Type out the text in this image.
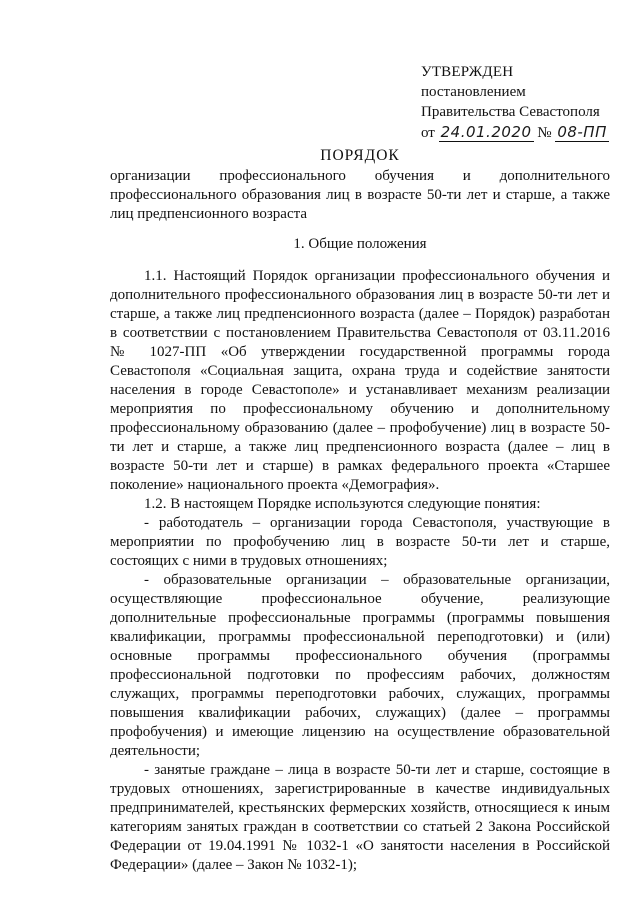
УТВЕРЖДЕН
постановлением
Правительства Севастополя
от 24.01.2020 № 08-ПП
ПОРЯДОК
организации профессионального обучения и дополнительного профессионального образования лиц в возрасте 50-ти лет и старше, а также лиц предпенсионного возраста
1. Общие положения

1.1. Настоящий Порядок организации профессионального обучения и дополнительного профессионального образования лиц в возрасте 50-ти лет и старше, а также лиц предпенсионного возраста (далее – Порядок) разработан в соответствии с постановлением Правительства Севастополя от 03.11.2016 № 1027-ПП «Об утверждении государственной программы города Севастополя «Социальная защита, охрана труда и содействие занятости населения в городе Севастополе» и устанавливает механизм реализации мероприятия по профессиональному обучению и дополнительному профессиональному образованию (далее – профобучение) лиц в возрасте 50-ти лет и старше, а также лиц предпенсионного возраста (далее – лиц в возрасте 50-ти лет и старше) в рамках федерального проекта «Старшее поколение» национального проекта «Демография».

1.2. В настоящем Порядке используются следующие понятия:

- работодатель – организации города Севастополя, участвующие в мероприятии по профобучению лиц в возрасте 50-ти лет и старше, состоящих с ними в трудовых отношениях;

- образовательные организации – образовательные организации, осуществляющие профессиональное обучение, реализующие дополнительные профессиональные программы (программы повышения квалификации, программы профессиональной переподготовки) и (или) основные программы профессионального обучения (программы профессиональной подготовки по профессиям рабочих, должностям служащих, программы переподготовки рабочих, служащих, программы повышения квалификации рабочих, служащих) (далее – программы профобучения) и имеющие лицензию на осуществление образовательной деятельности;

- занятые граждане – лица в возрасте 50-ти лет и старше, состоящие в трудовых отношениях, зарегистрированные в качестве индивидуальных предпринимателей, крестьянских фермерских хозяйств, относящиеся к иным категориям занятых граждан в соответствии со статьей 2 Закона Российской Федерации от 19.04.1991 № 1032-1 «О занятости населения в Российской Федерации» (далее – Закон № 1032-1);
